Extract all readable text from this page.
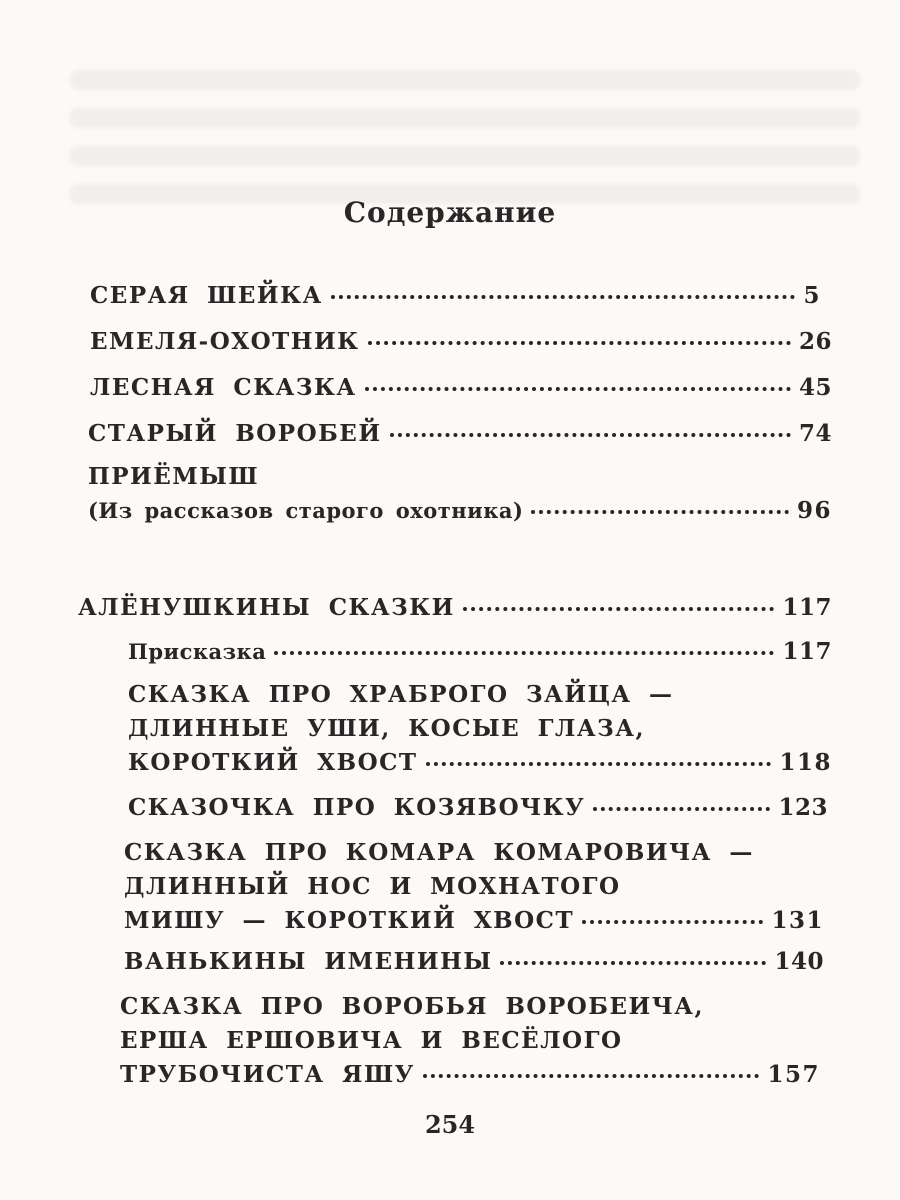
Содержание
СЕРАЯ ШЕЙКА	5
ЕМЕЛЯ-ОХОТНИК	26
ЛЕСНАЯ СКАЗКА	45
СТАРЫЙ ВОРОБЕЙ	74
ПРИЁМЫШ
(Из рассказов старого охотника)	96
АЛЁНУШКИНЫ СКАЗКИ	117
Присказка	117
СКАЗКА ПРО ХРАБРОГО ЗАЙЦА —
ДЛИННЫЕ УШИ, КОСЫЕ ГЛАЗА,
КОРОТКИЙ ХВОСТ	118
СКАЗОЧКА ПРО КОЗЯВОЧКУ	123
СКАЗКА ПРО КОМАРА КОМАРОВИЧА —
ДЛИННЫЙ НОС И МОХНАТОГО
МИШУ — КОРОТКИЙ ХВОСТ	131
ВАНЬКИНЫ ИМЕНИНЫ	140
СКАЗКА ПРО ВОРОБЬЯ ВОРОБЕИЧА,
ЕРША ЕРШОВИЧА И ВЕСЁЛОГО
ТРУБОЧИСТА ЯШУ	157
254
